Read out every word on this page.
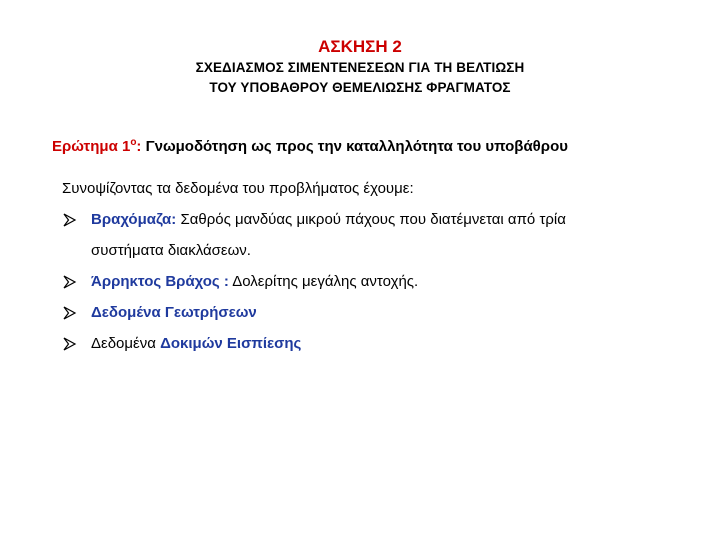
ΑΣΚΗΣΗ 2
ΣΧΕΔΙΑΣΜΟΣ ΣΙΜΕΝΤΕΝΕΣΕΩΝ ΓΙΑ ΤΗ ΒΕΛΤΙΩΣΗ
ΤΟΥ ΥΠΟΒΑΘΡΟΥ ΘΕΜΕΛΙΩΣΗΣ ΦΡΑΓΜΑΤΟΣ
Ερώτημα $1^o$: Γνωμοδότηση ως προς την καταλληλότητα του υποβάθρου
Συνοψίζοντας τα δεδομένα του προβλήματος έχουμε:
Βραχόμαζα: Σαθρός μανδύας μικρού πάχους που διατέμνεται από τρία
συστήματα διακλάσεων.
Άρρηκτος Βράχος : Δολερίτης μεγάλης αντοχής.
Δεδομένα Γεωτρήσεων
Δεδομένα Δοκιμών Εισπίεσης
